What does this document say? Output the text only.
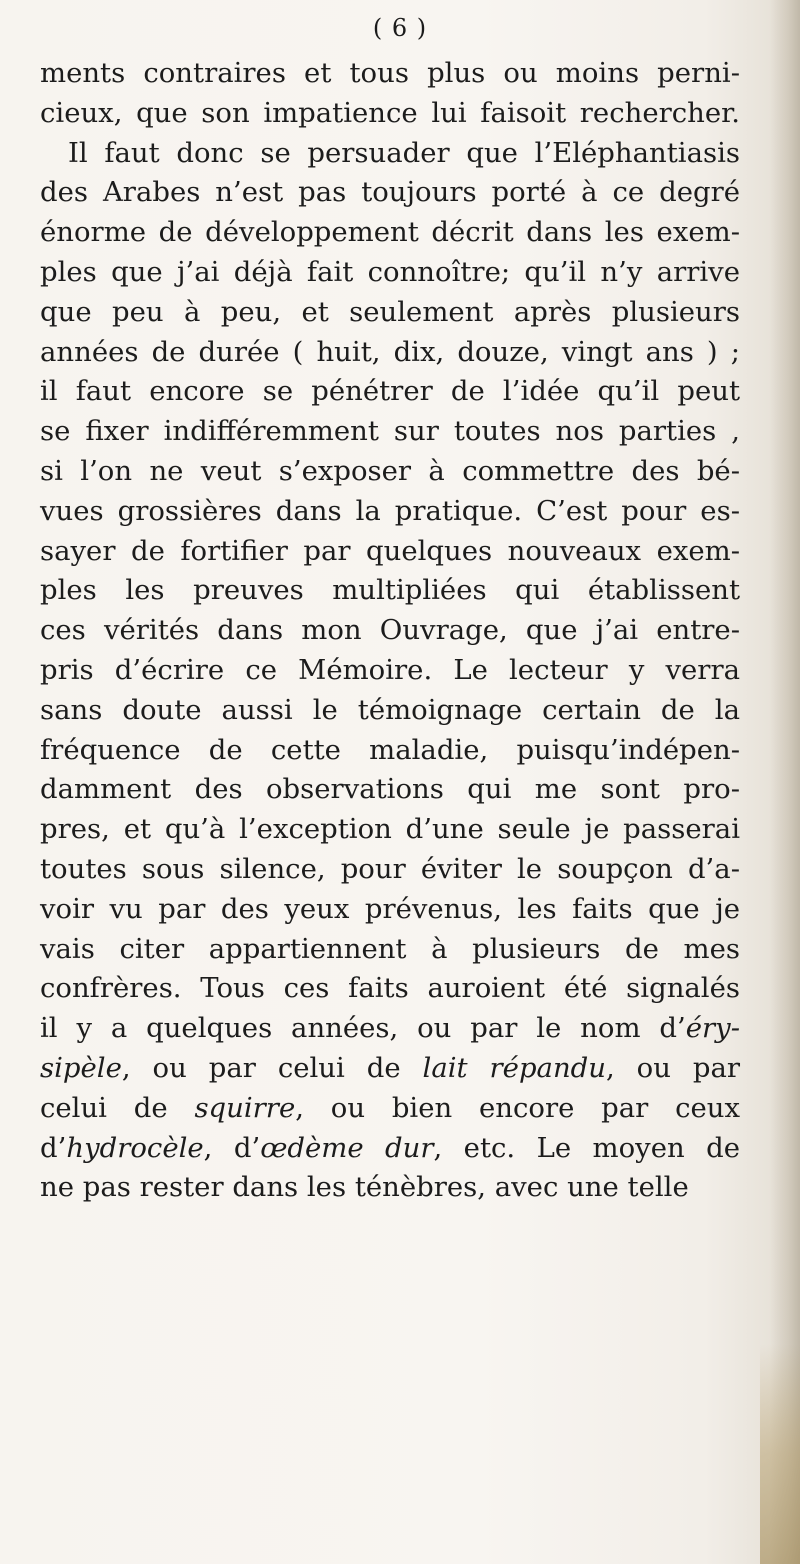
( 6 )
ments contraires et tous plus ou moins perni-
cieux, que son impatience lui faisoit rechercher.
Il faut donc se persuader que l’Eléphantiasis
des Arabes n’est pas toujours porté à ce degré
énorme de développement décrit dans les exem-
ples que j’ai déjà fait connoître; qu’il n’y arrive
que peu à peu, et seulement après plusieurs
années de durée ( huit, dix, douze, vingt ans ) ;
il faut encore se pénétrer de l’idée qu’il peut
se fixer indifféremment sur toutes nos parties ,
si l’on ne veut s’exposer à commettre des bé-
vues grossières dans la pratique. C’est pour es-
sayer de fortifier par quelques nouveaux exem-
ples les preuves multipliées qui établissent
ces vérités dans mon Ouvrage, que j’ai entre-
pris d’écrire ce Mémoire. Le lecteur y verra
sans doute aussi le témoignage certain de la
fréquence de cette maladie, puisqu’indépen-
damment des observations qui me sont pro-
pres, et qu’à l’exception d’une seule je passerai
toutes sous silence, pour éviter le soupçon d’a-
voir vu par des yeux prévenus, les faits que je
vais citer appartiennent à plusieurs de mes
confrères. Tous ces faits auroient été signalés
il y a quelques années, ou par le nom d’éry-
sipèle, ou par celui de lait répandu, ou par
celui de squirre, ou bien encore par ceux
d’hydrocèle, d’œdème dur, etc. Le moyen de
ne pas rester dans les ténèbres, avec une telle
